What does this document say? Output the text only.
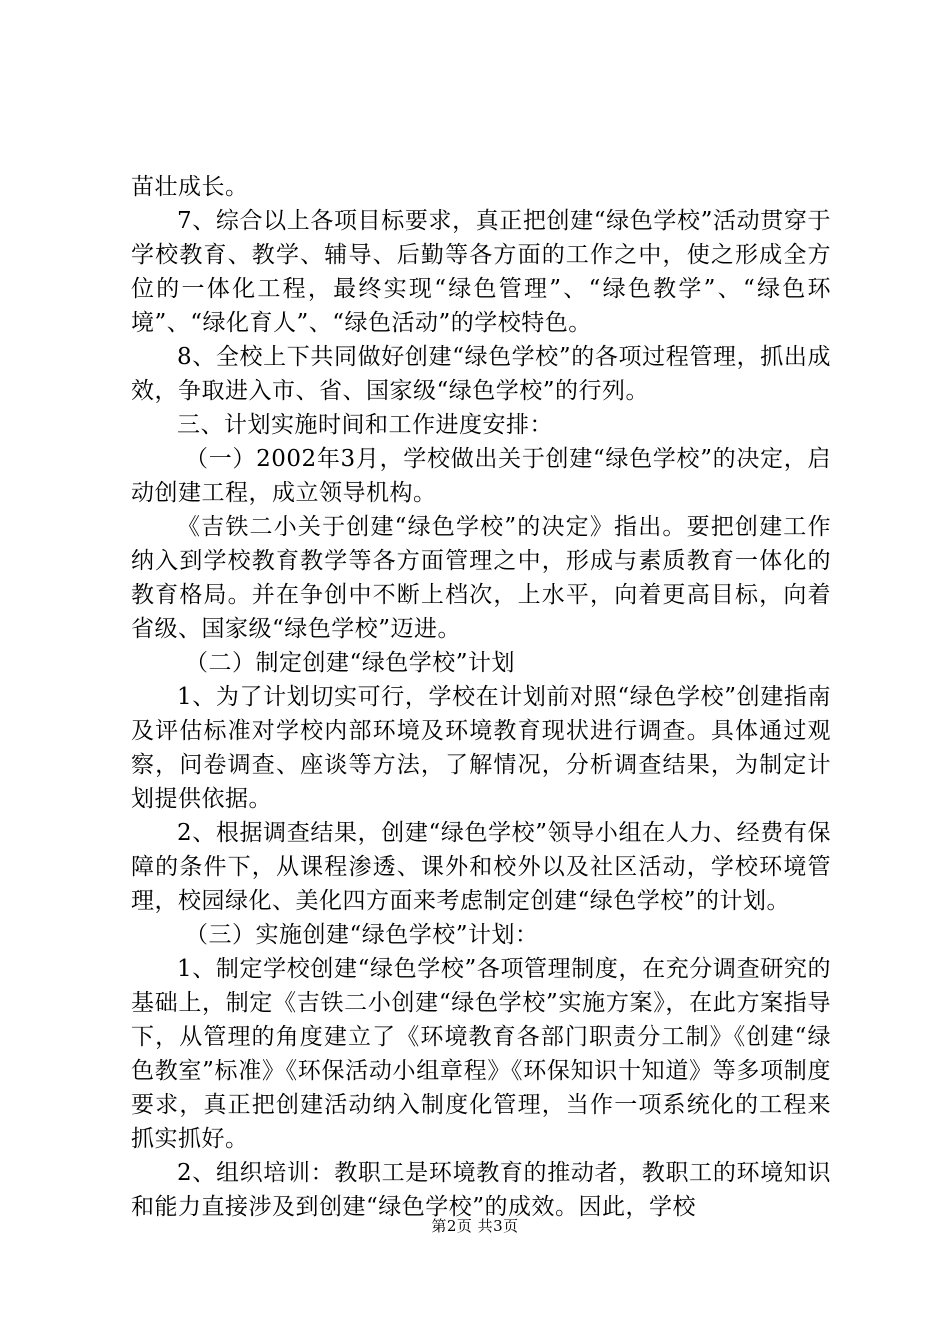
苗壮成长。

7、综合以上各项目标要求，真正把创建“绿色学校”活动贯穿于学校教育、教学、辅导、后勤等各方面的工作之中，使之形成全方位的一体化工程，最终实现“绿色管理”、“绿色教学”、“绿色环境”、“绿化育人”、“绿色活动”的学校特色。

8、全校上下共同做好创建“绿色学校”的各项过程管理，抓出成效，争取进入市、省、国家级“绿色学校”的行列。

三、计划实施时间和工作进度安排：

（一）2002年3月，学校做出关于创建“绿色学校”的决定，启动创建工程，成立领导机构。

《吉铁二小关于创建“绿色学校”的决定》指出。要把创建工作纳入到学校教育教学等各方面管理之中，形成与素质教育一体化的教育格局。并在争创中不断上档次，上水平，向着更高目标，向着省级、国家级“绿色学校”迈进。

（二）制定创建“绿色学校”计划

1、为了计划切实可行，学校在计划前对照“绿色学校”创建指南及评估标准对学校内部环境及环境教育现状进行调查。具体通过观察，问卷调查、座谈等方法，了解情况，分析调查结果，为制定计划提供依据。

2、根据调查结果，创建“绿色学校”领导小组在人力、经费有保障的条件下，从课程渗透、课外和校外以及社区活动，学校环境管理，校园绿化、美化四方面来考虑制定创建“绿色学校”的计划。

（三）实施创建“绿色学校”计划：

1、制定学校创建“绿色学校”各项管理制度，在充分调查研究的基础上，制定《吉铁二小创建“绿色学校”实施方案》，在此方案指导下，从管理的角度建立了《环境教育各部门职责分工制》《创建“绿色教室”标准》《环保活动小组章程》《环保知识十知道》等多项制度要求，真正把创建活动纳入制度化管理，当作一项系统化的工程来抓实抓好。

2、组织培训：教职工是环境教育的推动者，教职工的环境知识和能力直接涉及到创建“绿色学校”的成效。因此，学校

第2页 共3页
